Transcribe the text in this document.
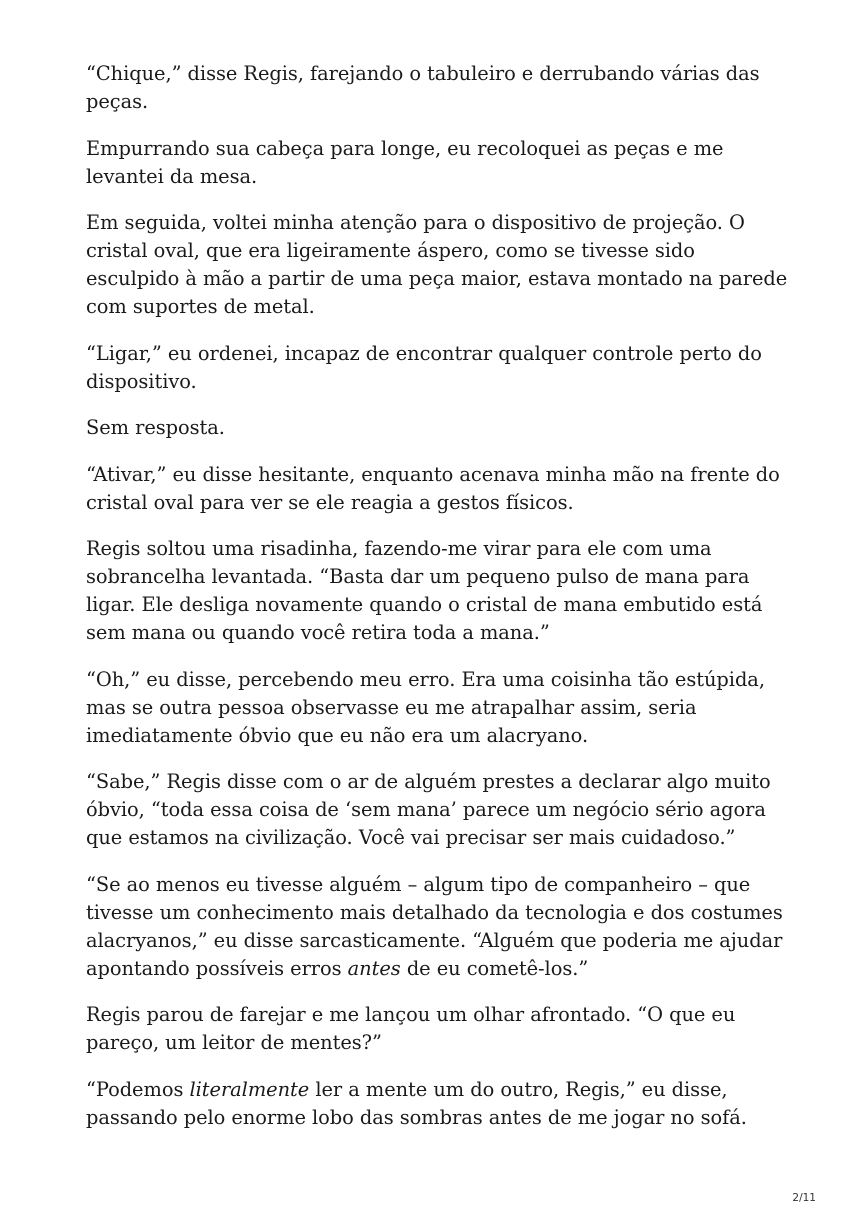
“Chique,” disse Regis, farejando o tabuleiro e derrubando várias das peças.

Empurrando sua cabeça para longe, eu recoloquei as peças e me levantei da mesa.

Em seguida, voltei minha atenção para o dispositivo de projeção. O cristal oval, que era ligeiramente áspero, como se tivesse sido esculpido à mão a partir de uma peça maior, estava montado na parede com suportes de metal.

“Ligar,” eu ordenei, incapaz de encontrar qualquer controle perto do dispositivo.

Sem resposta.

“Ativar,” eu disse hesitante, enquanto acenava minha mão na frente do cristal oval para ver se ele reagia a gestos físicos.

Regis soltou uma risadinha, fazendo-me virar para ele com uma sobrancelha levantada. “Basta dar um pequeno pulso de mana para ligar. Ele desliga novamente quando o cristal de mana embutido está sem mana ou quando você retira toda a mana.”

“Oh,” eu disse, percebendo meu erro. Era uma coisinha tão estúpida, mas se outra pessoa observasse eu me atrapalhar assim, seria imediatamente óbvio que eu não era um alacryano.

“Sabe,” Regis disse com o ar de alguém prestes a declarar algo muito óbvio, “toda essa coisa de ‘sem mana’ parece um negócio sério agora que estamos na civilização. Você vai precisar ser mais cuidadoso.”

“Se ao menos eu tivesse alguém – algum tipo de companheiro – que tivesse um conhecimento mais detalhado da tecnologia e dos costumes alacryanos,” eu disse sarcasticamente. “Alguém que poderia me ajudar apontando possíveis erros antes de eu cometê-los.”

Regis parou de farejar e me lançou um olhar afrontado. “O que eu pareço, um leitor de mentes?”

“Podemos literalmente ler a mente um do outro, Regis,” eu disse, passando pelo enorme lobo das sombras antes de me jogar no sofá.

2/11
